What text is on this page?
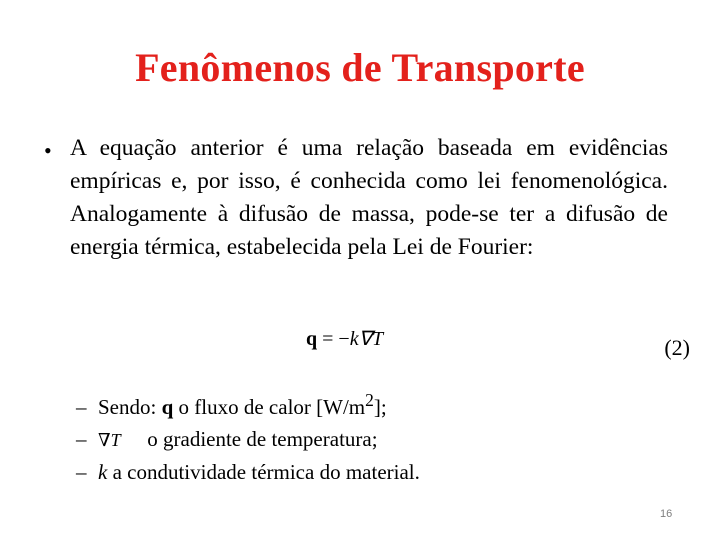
Fenômenos de Transporte
• A equação anterior é uma relação baseada em evidências empíricas e, por isso, é conhecida como lei fenomenológica. Analogamente à difusão de massa, pode-se ter a difusão de energia térmica, estabelecida pela Lei de Fourier:
q = −k∇T	(2)
– Sendo: q o fluxo de calor $[W/m^2]$;
– ∇T o gradiente de temperatura;
– k a condutividade térmica do material.
16
